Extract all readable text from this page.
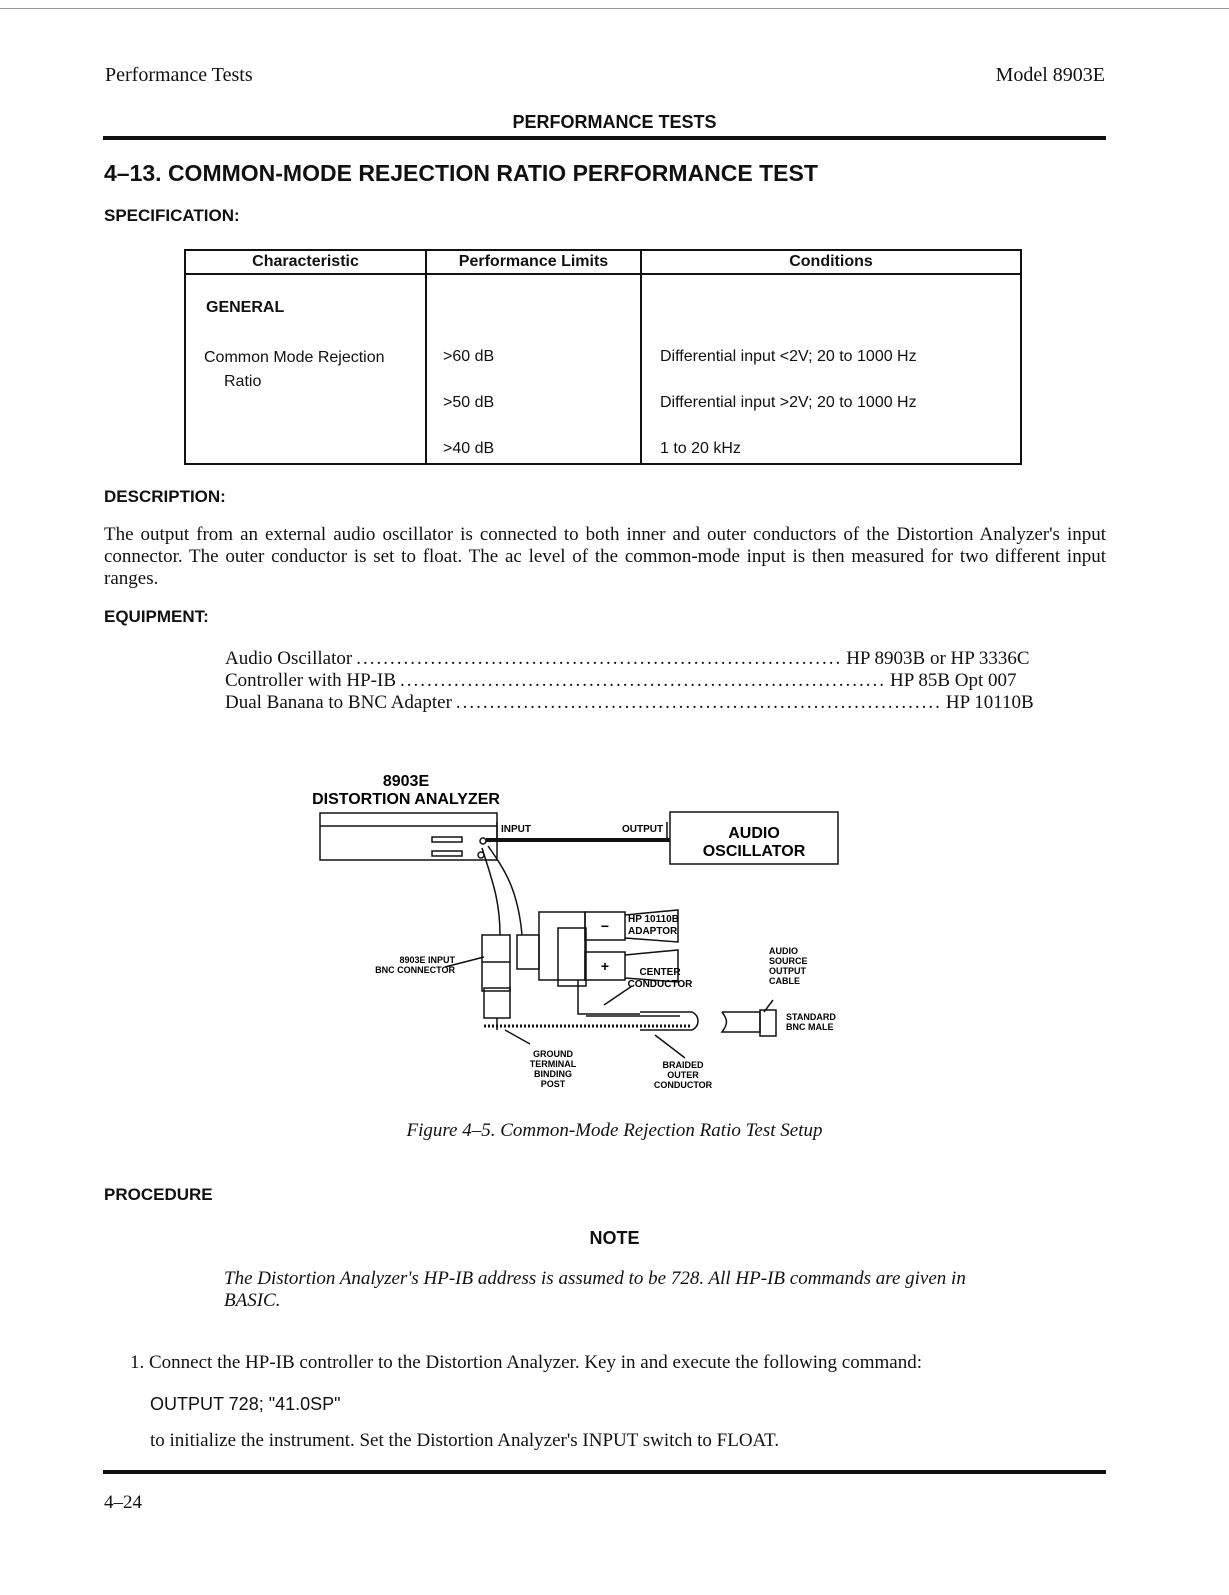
Performance Tests	Model 8903E
PERFORMANCE TESTS
4–13. COMMON-MODE REJECTION RATIO PERFORMANCE TEST
SPECIFICATION:
Characteristic	Performance Limits	Conditions
GENERAL		

Common Mode Rejection
Ratio	>60 dB	Differential input <2V; 20 to 1000 Hz
	>50 dB	Differential input >2V; 20 to 1000 Hz
	>40 dB	1 to 20 kHz
DESCRIPTION:
The output from an external audio oscillator is connected to both inner and outer conductors of the Distortion Analyzer's input connector. The outer conductor is set to float. The ac level of the common-mode input is then measured for two different input ranges.
EQUIPMENT:
Audio Oscillator ........................................................................ HP 8903B or HP 3336C
Controller with HP-IB ........................................................................ HP 85B Opt 007
Dual Banana to BNC Adapter ........................................................................ HP 10110B
8903E
DISTORTION ANALYZER
INPUT	OUTPUT	AUDIO
OSCILLATOR
HP 10110B
ADAPTOR
−
+
8903E INPUT
BNC CONNECTOR	CENTER
CONDUCTOR
AUDIO
SOURCE
OUTPUT
CABLE
STANDARD
BNC MALE
GROUND
TERMINAL
BINDING
POST
BRAIDED
OUTER
CONDUCTOR
Figure 4–5. Common-Mode Rejection Ratio Test Setup
PROCEDURE
NOTE
The Distortion Analyzer's HP-IB address is assumed to be 728. All HP-IB commands are given in BASIC.
1. Connect the HP-IB controller to the Distortion Analyzer. Key in and execute the following command:
OUTPUT 728; "41.0SP"
to initialize the instrument. Set the Distortion Analyzer's INPUT switch to FLOAT.
4–24
